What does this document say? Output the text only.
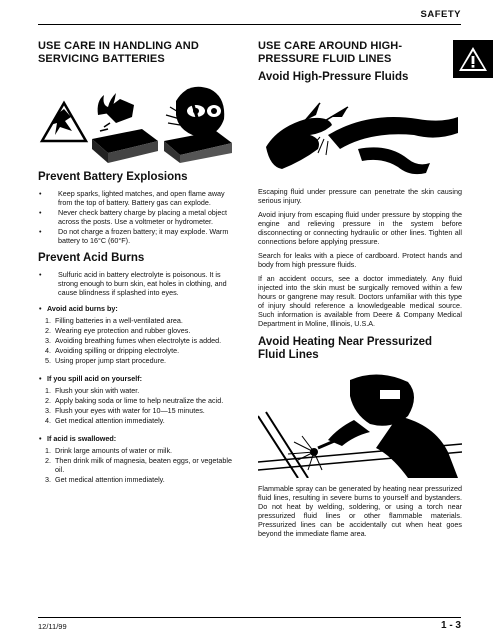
SAFETY
USE CARE IN HANDLING AND SERVICING BATTERIES
Prevent Battery Explosions
• Keep sparks, lighted matches, and open flame away from the top of battery. Battery gas can explode.
• Never check battery charge by placing a metal object across the posts. Use a voltmeter or hydrometer.
• Do not charge a frozen battery; it may explode. Warm battery to 16°C (60°F).
Prevent Acid Burns
• Sulfuric acid in battery electrolyte is poisonous. It is strong enough to burn skin, eat holes in clothing, and cause blindness if splashed into eyes.
• Avoid acid burns by:
1. Filling batteries in a well-ventilated area.
2. Wearing eye protection and rubber gloves.
3. Avoiding breathing fumes when electrolyte is added.
4. Avoiding spilling or dripping electrolyte.
5. Using proper jump start procedure.
• If you spill acid on yourself:
1. Flush your skin with water.
2. Apply baking soda or lime to help neutralize the acid.
3. Flush your eyes with water for 10—15 minutes.
4. Get medical attention immediately.
• If acid is swallowed:
1. Drink large amounts of water or milk.
2. Then drink milk of magnesia, beaten eggs, or vegetable oil.
3. Get medical attention immediately.
USE CARE AROUND HIGH-PRESSURE FLUID LINES
Avoid High-Pressure Fluids

Escaping fluid under pressure can penetrate the skin causing serious injury.

Avoid injury from escaping fluid under pressure by stopping the engine and relieving pressure in the system before disconnecting or connecting hydraulic or other lines. Tighten all connections before applying pressure.

Search for leaks with a piece of cardboard. Protect hands and body from high pressure fluids.

If an accident occurs, see a doctor immediately. Any fluid injected into the skin must be surgically removed within a few hours or gangrene may result. Doctors unfamiliar with this type of injury should reference a knowledgeable medical source. Such information is available from Deere & Company Medical Department in Moline, Illinois, U.S.A.

Avoid Heating Near Pressurized Fluid Lines

Flammable spray can be generated by heating near pressurized fluid lines, resulting in severe burns to yourself and bystanders. Do not heat by welding, soldering, or using a torch near pressurized fluid lines or other flammable materials. Pressurized lines can be accidentally cut when heat goes beyond the immediate flame area.

12/11/99	1 - 3
